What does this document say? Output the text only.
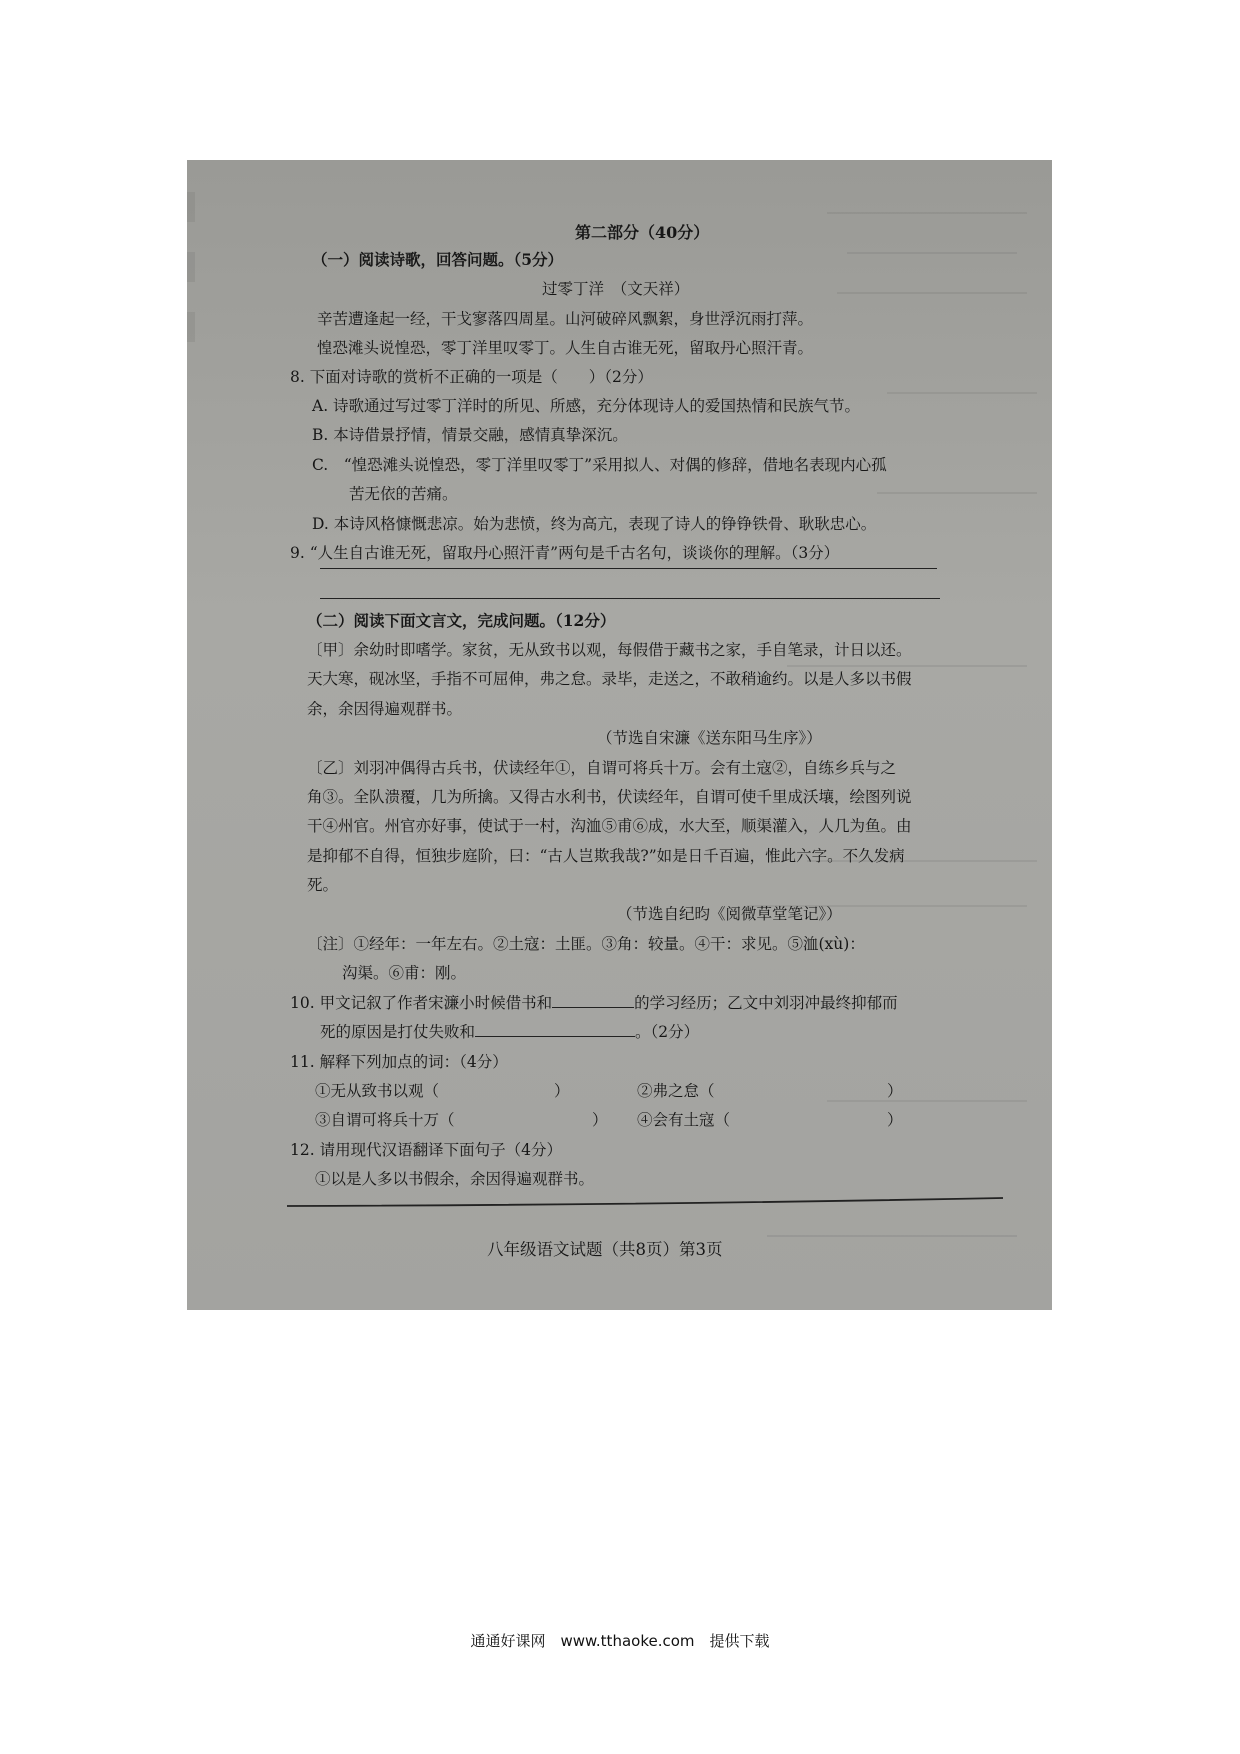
第二部分（40分）
（一）阅读诗歌，回答问题。（5分）
过零丁洋　（文天祥）
辛苦遭逢起一经，干戈寥落四周星。山河破碎风飘絮，身世浮沉雨打萍。
惶恐滩头说惶恐，零丁洋里叹零丁。人生自古谁无死，留取丹心照汗青。
8. 下面对诗歌的赏析不正确的一项是（　　）（2分）
A. 诗歌通过写过零丁洋时的所见、所感，充分体现诗人的爱国热情和民族气节。
B. 本诗借景抒情，情景交融，感情真挚深沉。
C.　“惶恐滩头说惶恐，零丁洋里叹零丁”采用拟人、对偶的修辞，借地名表现内心孤
苦无依的苦痛。
D. 本诗风格慷慨悲凉。始为悲愤，终为高亢，表现了诗人的铮铮铁骨、耿耿忠心。
9. “人生自古谁无死，留取丹心照汗青”两句是千古名句，谈谈你的理解。（3分）
（二）阅读下面文言文，完成问题。（12分）
〔甲〕余幼时即嗜学。家贫，无从致书以观，每假借于藏书之家，手自笔录，计日以还。
天大寒，砚冰坚，手指不可屈伸，弗之怠。录毕，走送之，不敢稍逾约。以是人多以书假
余，余因得遍观群书。
（节选自宋濂《送东阳马生序》）
〔乙〕刘羽冲偶得古兵书，伏读经年①，自谓可将兵十万。会有土寇②，自练乡兵与之
角③。全队溃覆，几为所擒。又得古水利书，伏读经年，自谓可使千里成沃壤，绘图列说
干④州官。州官亦好事，使试于一村，沟洫⑤甫⑥成，水大至，顺渠灌入，人几为鱼。由
是抑郁不自得，恒独步庭阶，曰：“古人岂欺我哉?”如是日千百遍，惟此六字。不久发病
死。
（节选自纪昀《阅微草堂笔记》）
〔注〕①经年：一年左右。②土寇：土匪。③角：较量。④干：求见。⑤洫(xù)：
沟渠。⑥甫：刚。
10. 甲文记叙了作者宋濂小时候借书和	的学习经历；乙文中刘羽冲最终抑郁而
死的原因是打仗失败和	。（2分）
11. 解释下列加点的词：（4分）
①无从致书以观（	）	②弗之怠（	）
③自谓可将兵十万（	） ④会有土寇（	）
12. 请用现代汉语翻译下面句子（4分）
①以是人多以书假余，余因得遍观群书。
八年级语文试题（共8页）第3页
通通好课网　www.tthaoke.com　提供下载
